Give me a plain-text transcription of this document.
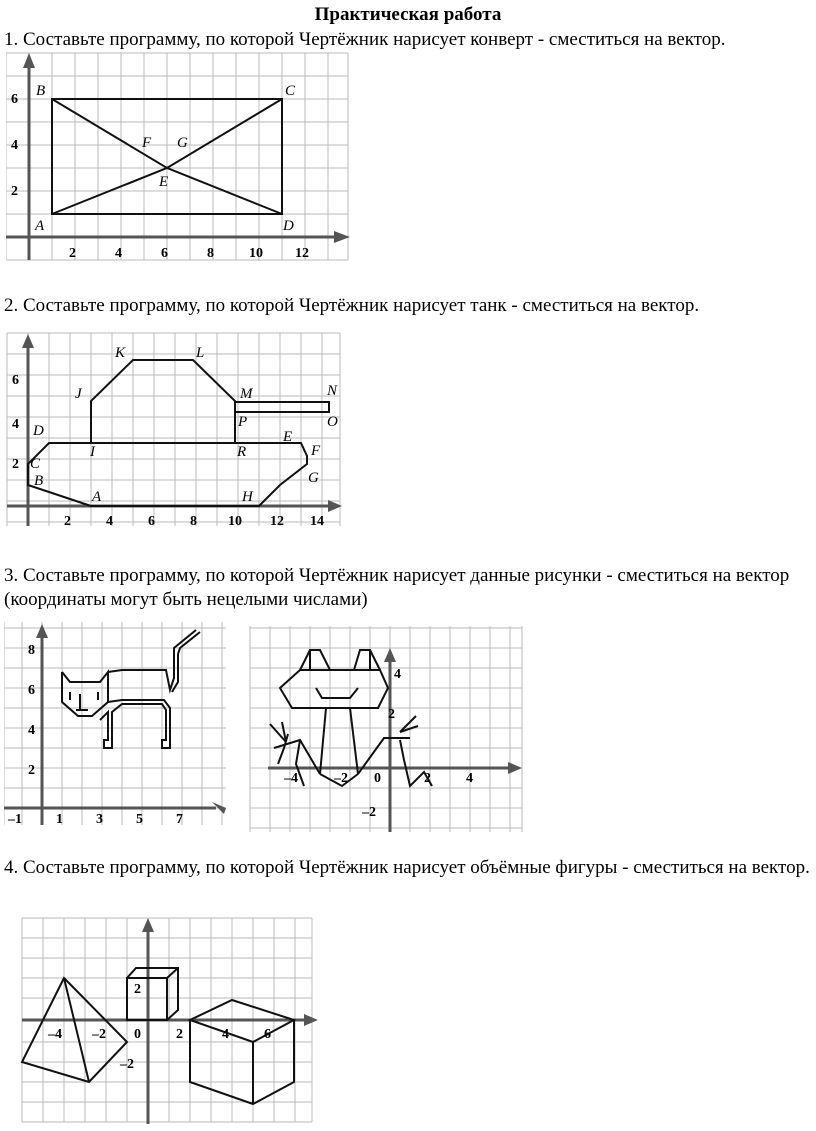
Практическая работа
1. Составьте программу, по которой Чертёжник нарисует конверт - сместиться на вектор.
6
4
2
2	4	6	8	10 12
B	C
A	D
F G
E
2. Составьте программу, по которой Чертёжник нарисует танк - сместиться на вектор.
6
4
2
2	4	6	8 10 12 14
K	L
J	M	N
O
P
D	E
F
I	R
C
G
B
A	H
3. Составьте программу, по которой Чертёжник нарисует данные рисунки - сместиться на вектор (координаты могут быть нецелыми числами)
8
6
4
2
–1 1 3 5 7
4
2
–4	–2 0	2	4
–2
4. Составьте программу, по которой Чертёжник нарисует объёмные фигуры - сместиться на вектор.
2
–2
–4 –2 0	2	4	6
